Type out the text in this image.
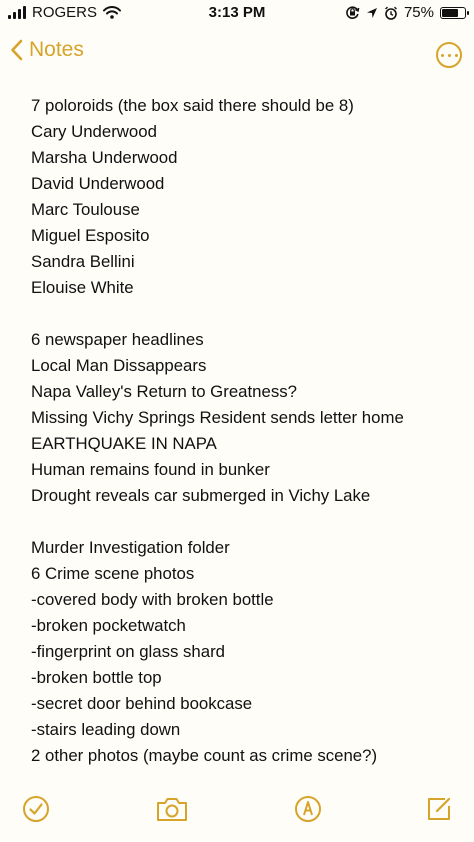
ROGERS	3:13 PM	75%
Notes
7 poloroids (the box said there should be 8)
Cary Underwood
Marsha Underwood
David Underwood
Marc Toulouse
Miguel Esposito
Sandra Bellini
Elouise White
6 newspaper headlines
Local Man Dissappears
Napa Valley's Return to Greatness?
Missing Vichy Springs Resident sends letter home
EARTHQUAKE IN NAPA
Human remains found in bunker
Drought reveals car submerged in Vichy Lake
Murder Investigation folder
6 Crime scene photos
-covered body with broken bottle
-broken pocketwatch
-fingerprint on glass shard
-broken bottle top
-secret door behind bookcase
-stairs leading down
2 other photos (maybe count as crime scene?)
